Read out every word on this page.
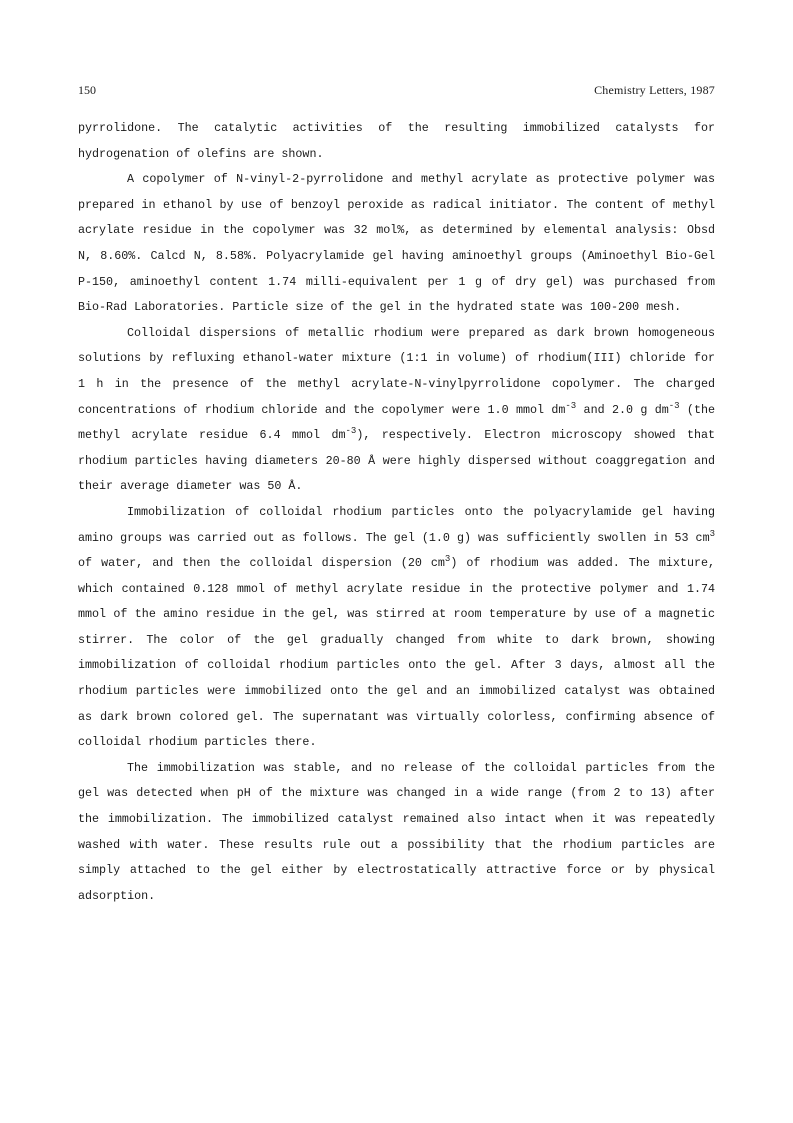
150	Chemistry Letters, 1987

pyrrolidone. The catalytic activities of the resulting immobilized catalysts for hydrogenation of olefins are shown.

A copolymer of N-vinyl-2-pyrrolidone and methyl acrylate as protective polymer was prepared in ethanol by use of benzoyl peroxide as radical initiator. The content of methyl acrylate residue in the copolymer was 32 mol%, as determined by elemental analysis: Obsd N, 8.60%. Calcd N, 8.58%. Polyacrylamide gel having aminoethyl groups (Aminoethyl Bio-Gel P-150, aminoethyl content 1.74 milli-equivalent per 1 g of dry gel) was purchased from Bio-Rad Laboratories. Particle size of the gel in the hydrated state was 100-200 mesh.

Colloidal dispersions of metallic rhodium were prepared as dark brown homogeneous solutions by refluxing ethanol-water mixture (1:1 in volume) of rhodium(III) chloride for 1 h in the presence of the methyl acrylate-N-vinylpyrrolidone copolymer. The charged concentrations of rhodium chloride and the copolymer were 1.0 mmol $dm^{-3}$ and 2.0 g $dm^{-3}$ (the methyl acrylate residue 6.4 mmol $dm^{-3}$), respectively. Electron microscopy showed that rhodium particles having diameters 20-80 Å were highly dispersed without coaggregation and their average diameter was 50 Å.

Immobilization of colloidal rhodium particles onto the polyacrylamide gel having amino groups was carried out as follows. The gel (1.0 g) was sufficiently swollen in 53 $cm^3$ of water, and then the colloidal dispersion (20 $cm^3$) of rhodium was added. The mixture, which contained 0.128 mmol of methyl acrylate residue in the protective polymer and 1.74 mmol of the amino residue in the gel, was stirred at room temperature by use of a magnetic stirrer. The color of the gel gradually changed from white to dark brown, showing immobilization of colloidal rhodium particles onto the gel. After 3 days, almost all the rhodium particles were immobilized onto the gel and an immobilized catalyst was obtained as dark brown colored gel. The supernatant was virtually colorless, confirming absence of colloidal rhodium particles there.

The immobilization was stable, and no release of the colloidal particles from the gel was detected when pH of the mixture was changed in a wide range (from 2 to 13) after the immobilization. The immobilized catalyst remained also intact when it was repeatedly washed with water. These results rule out a possibility that the rhodium particles are simply attached to the gel either by electrostatically attractive force or by physical adsorption.
